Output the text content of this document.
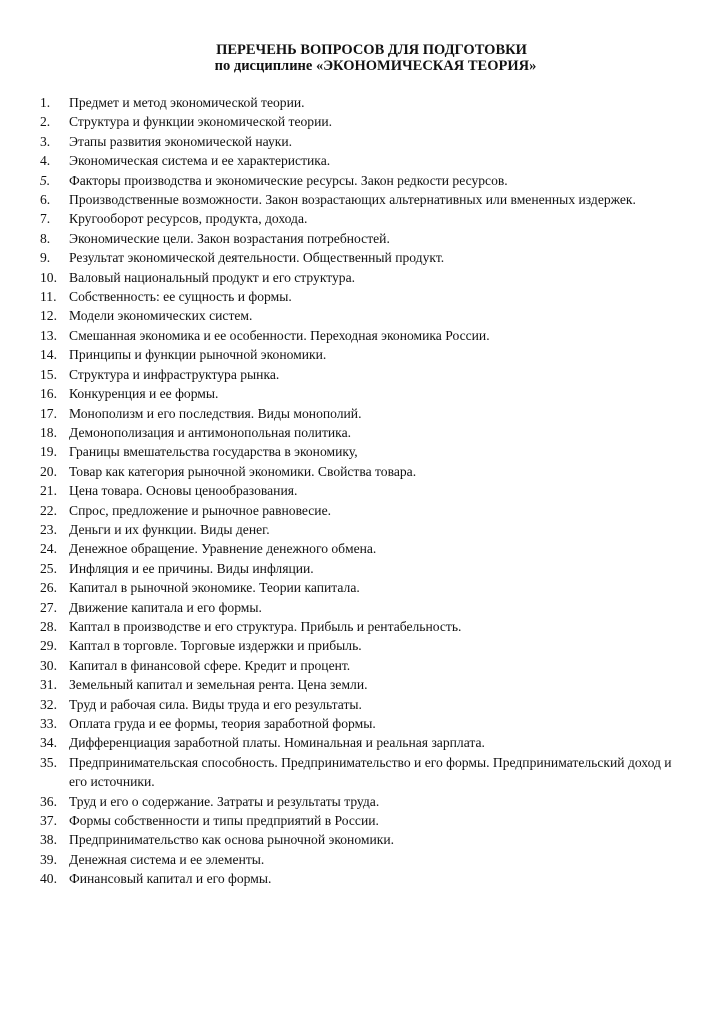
ПЕРЕЧЕНЬ ВОПРОСОВ ДЛЯ ПОДГОТОВКИ
по дисциплине «ЭКОНОМИЧЕСКАЯ ТЕОРИЯ»
1. Предмет и метод экономической теории.
2. Структура и функции экономической теории.
3. Этапы развития экономической науки.
4. Экономическая система и ее характеристика.
5. Факторы производства и экономические ресурсы. Закон редкости ресурсов.
6. Производственные возможности. Закон возрастающих альтернативных или вмененных издержек.
7. Кругооборот ресурсов, продукта, дохода.
8. Экономические цели. Закон возрастания потребностей.
9. Результат экономической деятельности. Общественный продукт.
10. Валовый национальный продукт и его структура.
11. Собственность: ее сущность и формы.
12. Модели экономических систем.
13. Смешанная экономика и ее особенности. Переходная экономика России.
14. Принципы и функции рыночной экономики.
15. Структура и инфраструктура рынка.
16. Конкуренция и ее формы.
17. Монополизм и его последствия. Виды монополий.
18. Демонополизация и антимонопольная политика.
19. Границы вмешательства государства в экономику,
20. Товар как категория рыночной экономики. Свойства товара.
21. Цена товара. Основы ценообразования.
22. Спрос, предложение и рыночное равновесие.
23. Деньги и их функции. Виды денег.
24. Денежное обращение. Уравнение денежного обмена.
25. Инфляция и ее причины. Виды инфляции.
26. Капитал в рыночной экономике. Теории капитала.
27. Движение капитала и его формы.
28. Каптал в производстве и его структура. Прибыль и рентабельность.
29. Каптал в торговле. Торговые издержки и прибыль.
30. Капитал в финансовой сфере. Кредит и процент.
31. Земельный капитал и земельная рента. Цена земли.
32. Труд и рабочая сила. Виды труда и его результаты.
33. Оплата груда и ее формы, теория заработной формы.
34. Дифференциация заработной платы. Номинальная и реальная зарплата.
35. Предпринимательская способность. Предпринимательство и его формы. Предпринимательский доход и его источники.
36. Труд и его о содержание. Затраты и результаты труда.
37. Формы собственности и типы предприятий в России.
38. Предпринимательство как основа рыночной экономики.
39. Денежная система и ее элементы.
40. Финансовый капитал и его формы.
